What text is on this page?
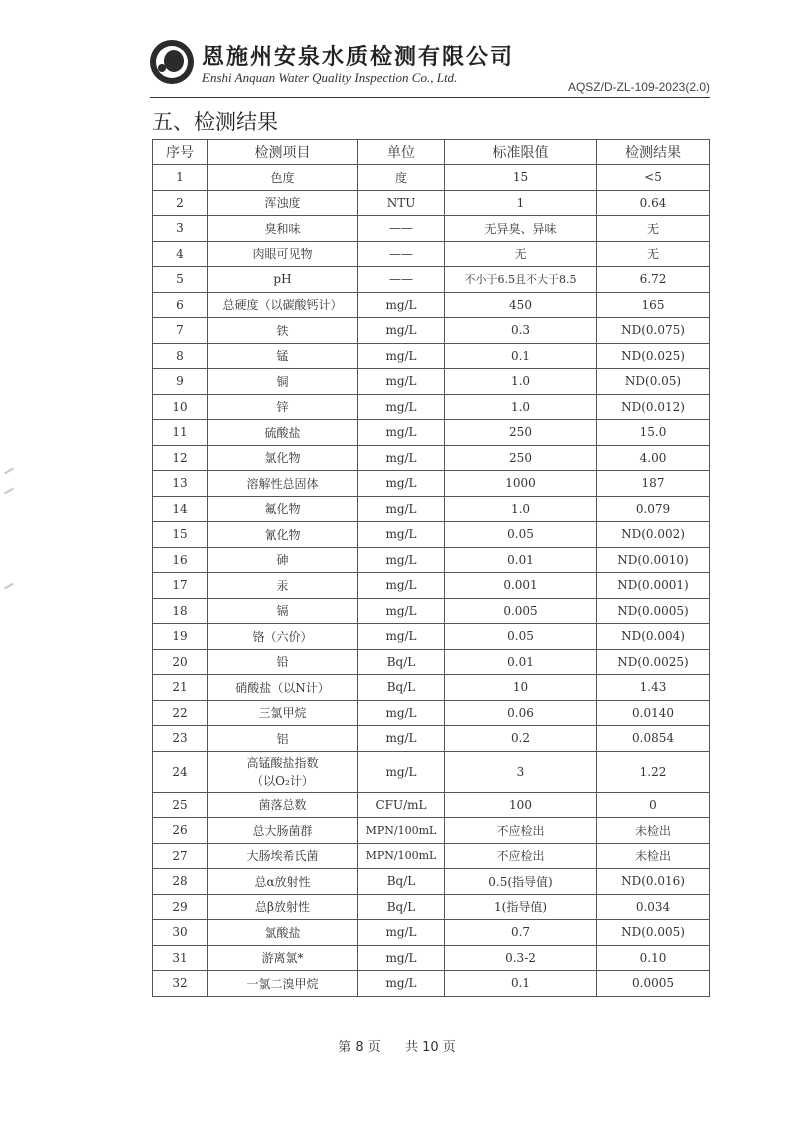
恩施州安泉水质检测有限公司
Enshi Anquan Water Quality Inspection Co., Ltd.
AQSZ/D-ZL-109-2023(2.0)
五、检测结果
序号	检测项目	单位	标准限值	检测结果
1	色度	度	15	<5
2	浑浊度	NTU	1	0.64
3	臭和味	——	无异臭、异味	无
4	肉眼可见物	——	无	无
5	pH	——	不小于6.5且不大于8.5	6.72
6	总硬度（以碳酸钙计）	mg/L	450	165
7	铁	mg/L	0.3	ND(0.075)
8	锰	mg/L	0.1	ND(0.025)
9	铜	mg/L	1.0	ND(0.05)
10	锌	mg/L	1.0	ND(0.012)
11	硫酸盐	mg/L	250	15.0
12	氯化物	mg/L	250	4.00
13	溶解性总固体	mg/L	1000	187
14	氟化物	mg/L	1.0	0.079
15	氰化物	mg/L	0.05	ND(0.002)
16	砷	mg/L	0.01	ND(0.0010)
17	汞	mg/L	0.001	ND(0.0001)
18	镉	mg/L	0.005	ND(0.0005)
19	铬（六价）	mg/L	0.05	ND(0.004)
20	铅	Bq/L	0.01	ND(0.0025)
21	硝酸盐（以N计）	Bq/L	10	1.43
22	三氯甲烷	mg/L	0.06	0.0140
23	铝	mg/L	0.2	0.0854
24	高锰酸盐指数
（以O₂计）	mg/L	3	1.22
25	菌落总数	CFU/mL	100	0
26	总大肠菌群	MPN/100mL	不应检出	未检出
27	大肠埃希氏菌	MPN/100mL	不应检出	未检出
28	总α放射性	Bq/L	0.5(指导值)	ND(0.016)
29	总β放射性	Bq/L	1(指导值)	0.034
30	氯酸盐	mg/L	0.7	ND(0.005)
31	游离氯*	mg/L	0.3-2	0.10
32	一氯二溴甲烷	mg/L	0.1	0.0005
第 8 页 共 10 页
